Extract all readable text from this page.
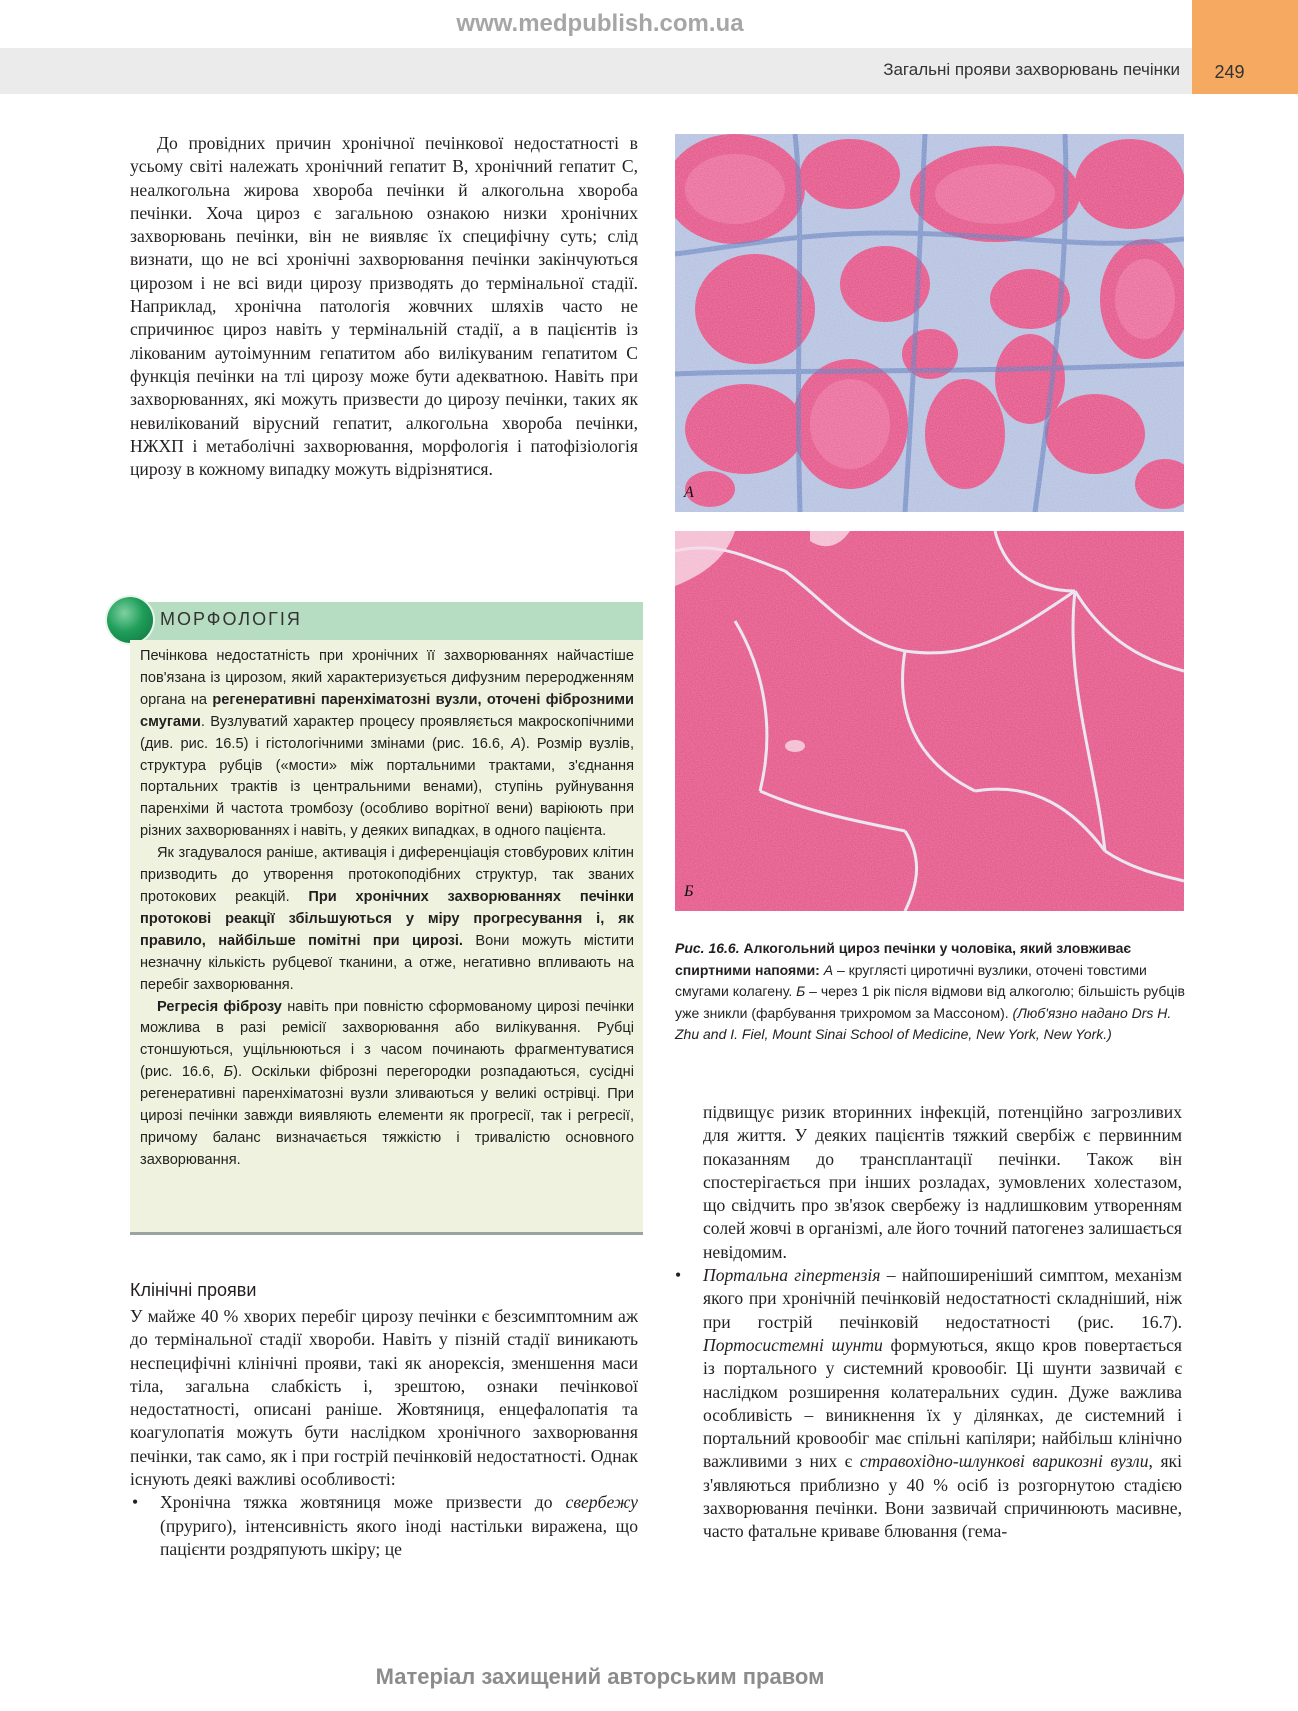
www.medpublish.com.ua
Загальні прояви захворювань печінки	249

До провідних причин хронічної печінкової недостатності в усьому світі належать хронічний гепатит B, хронічний гепатит C, неалкогольна жирова хвороба печінки й алкогольна хвороба печінки. Хоча цироз є загальною ознакою низки хронічних захворювань печінки, він не виявляє їх специфічну суть; слід визнати, що не всі хронічні захворювання печінки закінчуються цирозом і не всі види цирозу призводять до термінальної стадії. Наприклад, хронічна патологія жовчних шляхів часто не спричинює цироз навіть у термінальній стадії, а в пацієнтів із лікованим аутоімунним гепатитом або вилікуваним гепатитом C функція печінки на тлі цирозу може бути адекватною. Навіть при захворюваннях, які можуть призвести до цирозу печінки, таких як невилікований вірусний гепатит, алкогольна хвороба печінки, НЖХП і метаболічні захворювання, морфологія і патофізіологія цирозу в кожному випадку можуть відрізнятися.

МОРФОЛОГІЯ

Печінкова недостатність при хронічних її захворюваннях найчастіше пов'язана із цирозом, який характеризується дифузним переродженням органа на регенеративні паренхіматозні вузли, оточені фіброзними смугами. Вузлуватий характер процесу проявляється макроскопічними (див. рис. 16.5) і гістологічними змінами (рис. 16.6, А). Розмір вузлів, структура рубців («мости» між портальними трактами, з'єднання портальних трактів із центральними венами), ступінь руйнування паренхіми й частота тромбозу (особливо ворітної вени) варіюють при різних захворюваннях і навіть, у деяких випадках, в одного пацієнта.

Як згадувалося раніше, активація і диференціація стовбурових клітин призводить до утворення протокоподібних структур, так званих протокових реакцій. При хронічних захворюваннях печінки протокові реакції збільшуються у міру прогресування і, як правило, найбільше помітні при цирозі. Вони можуть містити незначну кількість рубцевої тканини, а отже, негативно впливають на перебіг захворювання.

Регресія фіброзу навіть при повністю сформованому цирозі печінки можлива в разі ремісії захворювання або вилікування. Рубці стоншуються, ущільнюються і з часом починають фрагментуватися (рис. 16.6, Б). Оскільки фіброзні перегородки розпадаються, сусідні регенеративні паренхіматозні вузли зливаються у великі острівці. При цирозі печінки завжди виявляють елементи як прогресії, так і регресії, причому баланс визначається тяжкістю і тривалістю основного захворювання.

А
Б
Рис. 16.6. Алкогольний цироз печінки у чоловіка, який зловживає спиртними напоями: А – круглясті циротичні вузлики, оточені товстими смугами колагену. Б – через 1 рік після відмови від алкоголю; більшість рубців уже зникли (фарбування трихромом за Массоном). (Люб'язно надано Drs H. Zhu and I. Fiel, Mount Sinai School of Medicine, New York, New York.)
Клінічні прояви

У майже 40 % хворих перебіг цирозу печінки є безсимптомним аж до термінальної стадії хвороби. Навіть у пізній стадії виникають неспецифічні клінічні прояви, такі як анорексія, зменшення маси тіла, загальна слабкість і, зрештою, ознаки печінкової недостатності, описані раніше. Жовтяниця, енцефалопатія та коагулопатія можуть бути наслідком хронічного захворювання печінки, так само, як і при гострій печінковій недостатності. Однак існують деякі важливі особливості:

• Хронічна тяжка жовтяниця може призвести до свербежу (пруриго), інтенсивність якого іноді настільки виражена, що пацієнти роздряпують шкіру; це

підвищує ризик вторинних інфекцій, потенційно загрозливих для життя. У деяких пацієнтів тяжкий свербіж є первинним показанням до трансплантації печінки. Також він спостерігається при інших розладах, зумовлених холестазом, що свідчить про зв'язок свербежу із надлишковим утворенням солей жовчі в організмі, але його точний патогенез залишається невідомим.

• Портальна гіпертензія – найпоширеніший симптом, механізм якого при хронічній печінковій недостатності складніший, ніж при гострій печінковій недостатності (рис. 16.7). Портосистемні шунти формуються, якщо кров повертається із портального у системний кровообіг. Ці шунти зазвичай є наслідком розширення колатеральних судин. Дуже важлива особливість – виникнення їх у ділянках, де системний і портальний кровообіг має спільні капіляри; найбільш клінічно важливими з них є стравохідно-шлункові варикозні вузли, які з'являються приблизно у 40 % осіб із розгорнутою стадією захворювання печінки. Вони зазвичай спричинюють масивне, часто фатальне криваве блювання (гема-
Матеріал захищений авторським правом
